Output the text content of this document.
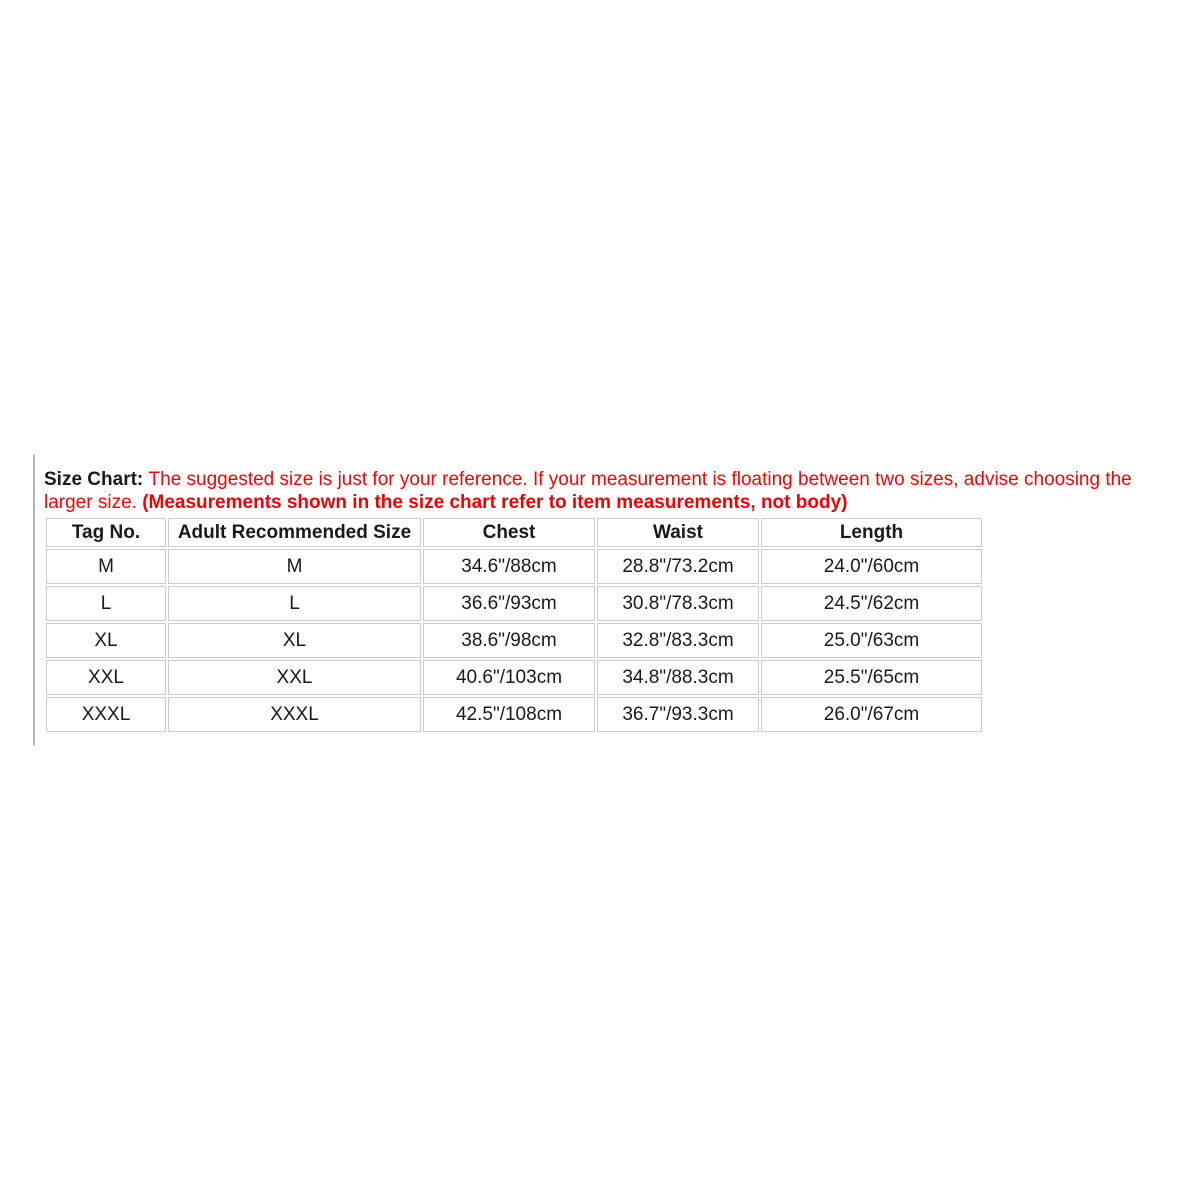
Size Chart: The suggested size is just for your reference. If your measurement is floating between two sizes, advise choosing the larger size. (Measurements shown in the size chart refer to item measurements, not body)

Tag No.	Adult Recommended Size	Chest	Waist	Length
M	M	34.6"/88cm	28.8"/73.2cm	24.0"/60cm
L	L	36.6"/93cm	30.8"/78.3cm	24.5"/62cm
XL	XL	38.6"/98cm	32.8"/83.3cm	25.0"/63cm
XXL	XXL	40.6"/103cm	34.8"/88.3cm	25.5"/65cm
XXXL	XXXL	42.5"/108cm	36.7"/93.3cm	26.0"/67cm
